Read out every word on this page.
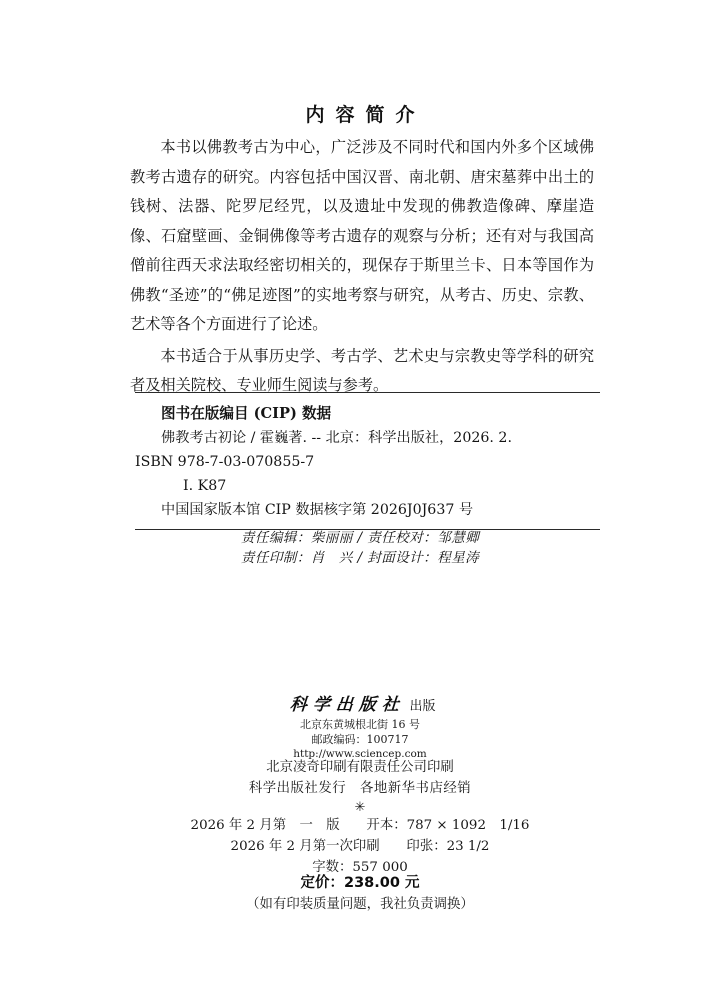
内容简介

本书以佛教考古为中心，广泛涉及不同时代和国内外多个区域佛教考古遗存的研究。内容包括中国汉晋、南北朝、唐宋墓葬中出土的钱树、法器、陀罗尼经咒，以及遗址中发现的佛教造像碑、摩崖造像、石窟壁画、金铜佛像等考古遗存的观察与分析；还有对与我国高僧前往西天求法取经密切相关的，现保存于斯里兰卡、日本等国作为佛教“圣迹”的“佛足迹图”的实地考察与研究，从考古、历史、宗教、艺术等各个方面进行了论述。

本书适合于从事历史学、考古学、艺术史与宗教史等学科的研究者及相关院校、专业师生阅读与参考。

图书在版编目 (CIP) 数据
佛教考古初论 / 霍巍著. -- 北京：科学出版社，2026. 2.
ISBN 978-7-03-070855-7
Ⅰ. K87
中国国家版本馆 CIP 数据核字第 2026J0J637 号
责任编辑：柴丽丽 / 责任校对：邹慧卿
责任印制：肖　兴 / 封面设计：程星涛
科学出版社 出版
北京东黄城根北街 16 号
邮政编码：100717
http://www.sciencep.com
北京凌奇印刷有限责任公司印刷
科学出版社发行　各地新华书店经销
✳
2026 年 2 月第　一　版　　开本：787 × 1092　1/16
2026 年 2 月第一次印刷　　印张：23 1/2
字数：557 000
定价：238.00 元
（如有印装质量问题，我社负责调换）
